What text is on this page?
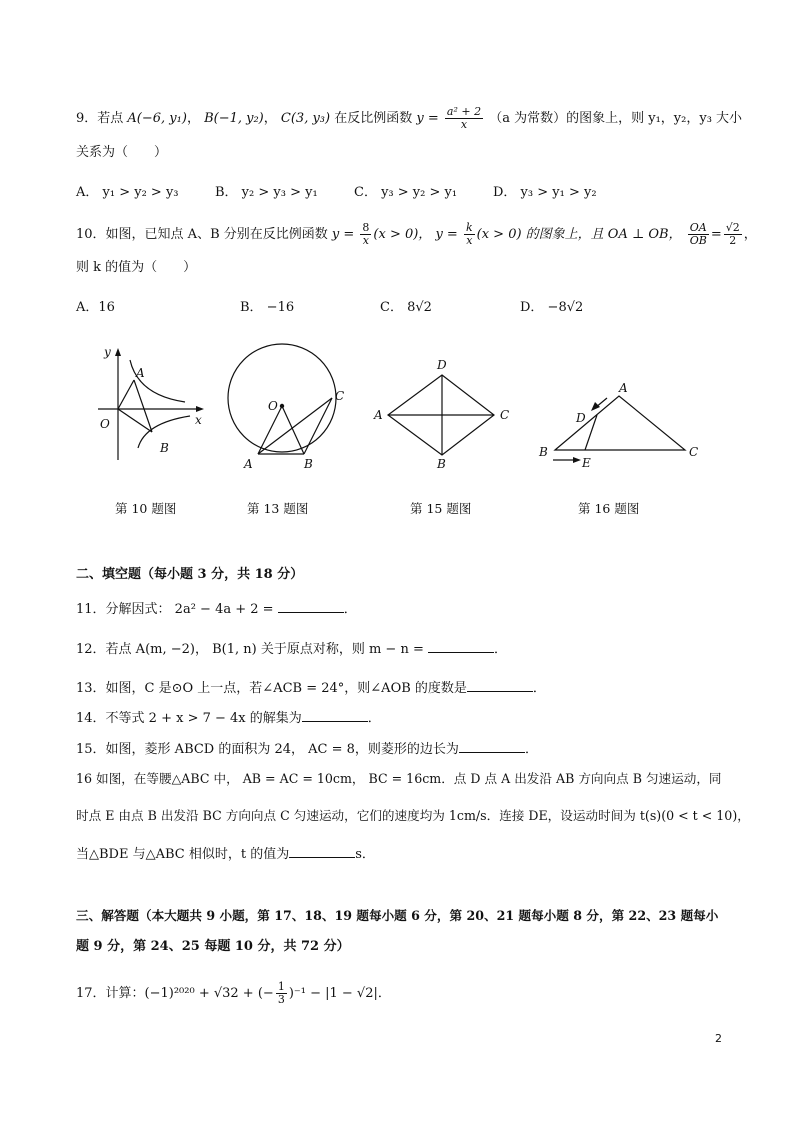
9．若点 A(−6, y₁)， B(−1, y₂)， C(3, y₃) 在反比例函数 $y = \frac{\text{a² + 2}}{x} (a$ 为常数）的图象上，则 y₁，y₂，y₃ 大小
关系为（　　）
A． y₁ > y₂ > y₃	B． y₂ > y₃ > y₁	C． y₃ > y₂ > y₁	D． y₃ > y₁ > y₂
10．如图，已知点 A、B 分别在反比例函数 $y = \frac{8}{x} (x > 0)$， $y = \frac{k}{x} (x > 0)$ 的图象上，且 OA ⊥ OB， $\frac{OA}{OB} = \frac{√2}{2}$ ，
则 k 的值为（　　）
A．16	B． −16	C． 8√2	D． −8√2
y
A
O	x
B
第 10 题图
O
C
A	B
第 13 题图
D
A	C
B
第 15 题图
A
D
B
E
C
第 16 题图
二、填空题（每小题 3 分，共 18 分）
11．分解因式： 2a² − 4a + 2 =	．
12．若点 A(m, −2)， B(1, n) 关于原点对称，则 m − n =	．
13．如图，C 是⊙O 上一点，若∠ACB = 24°，则∠AOB 的度数是	．
14．不等式 2 + x > 7 − 4x 的解集为	．
15．如图，菱形 ABCD 的面积为 24， AC = 8，则菱形的边长为	．
16 如图，在等腰△ABC 中， AB = AC = 10cm， BC = 16cm．点 D 点 A 出发沿 AB 方向向点 B 匀速运动，同
时点 E 由点 B 出发沿 BC 方向向点 C 匀速运动，它们的速度均为 1cm/s．连接 DE，设运动时间为 t(s)(0 < t < 10)，
当△BDE 与△ABC 相似时，t 的值为	s．
三、解答题（本大题共 9 小题，第 17、18、19 题每小题 6 分，第 20、21 题每小题 8 分，第 22、23 题每小
题 9 分，第 24、25 每题 10 分，共 72 分）
17．计算：(−1)²⁰²⁰ + √32 + (− $\frac{1}{3} )^{-1} - |1 - √2|$．
2
